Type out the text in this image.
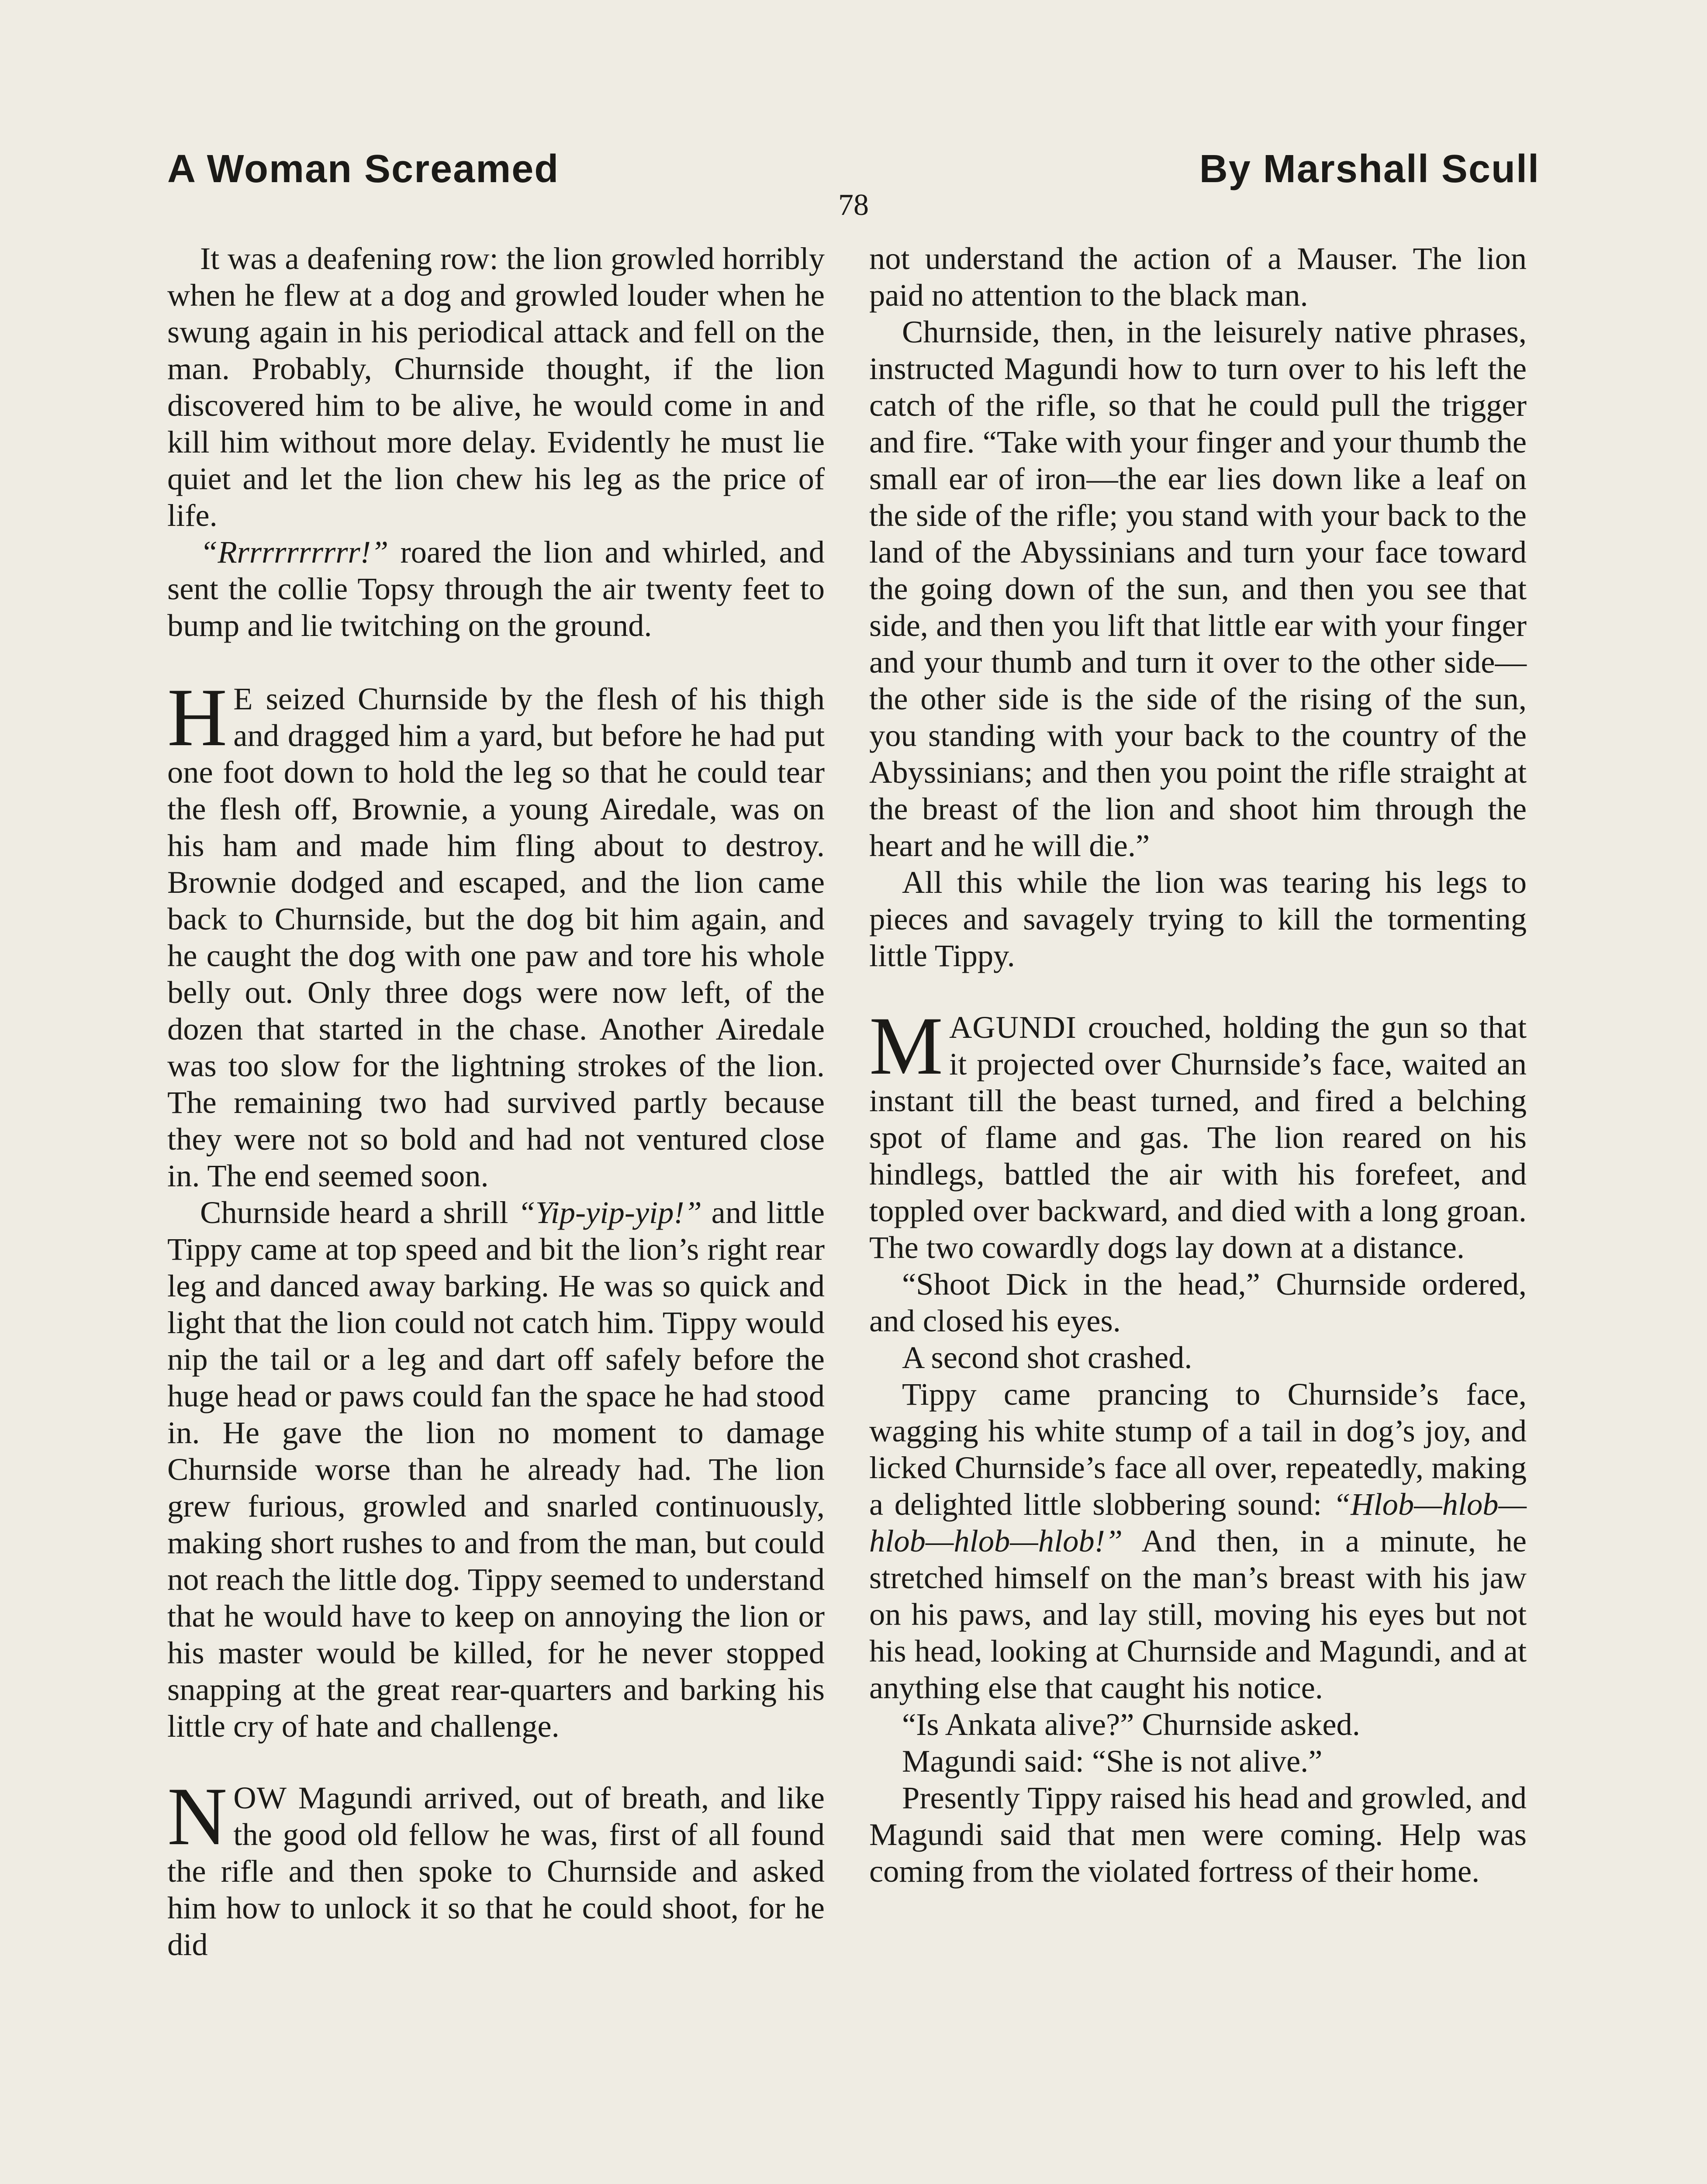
A Woman Screamed	By Marshall Scull
78

It was a deafening row: the lion growled horribly when he flew at a dog and growled louder when he swung again in his periodical attack and fell on the man. Probably, Churnside thought, if the lion discovered him to be alive, he would come in and kill him without more delay. Evidently he must lie quiet and let the lion chew his leg as the price of life.

“Rrrrrrrrrrr!” roared the lion and whirled, and sent the collie Topsy through the air twenty feet to bump and lie twitching on the ground.

H E seized Churnside by the flesh of his thigh and dragged him a yard, but before he had put one foot down to hold the leg so that he could tear the flesh off, Brownie, a young Airedale, was on his ham and made him fling about to destroy. Brownie dodged and escaped, and the lion came back to Churnside, but the dog bit him again, and he caught the dog with one paw and tore his whole belly out. Only three dogs were now left, of the dozen that started in the chase. Another Airedale was too slow for the lightning strokes of the lion. The remaining two had survived partly because they were not so bold and had not ventured close in. The end seemed soon.

Churnside heard a shrill “Yip-yip-yip!” and little Tippy came at top speed and bit the lion’s right rear leg and danced away barking. He was so quick and light that the lion could not catch him. Tippy would nip the tail or a leg and dart off safely before the huge head or paws could fan the space he had stood in. He gave the lion no moment to damage Churnside worse than he already had. The lion grew furious, growled and snarled continuously, making short rushes to and from the man, but could not reach the little dog. Tippy seemed to understand that he would have to keep on annoying the lion or his master would be killed, for he never stopped snapping at the great rear-quarters and barking his little cry of hate and challenge.

NOW Magundi arrived, out of breath, and like the good old fellow he was, first of all found the rifle and then spoke to Churnside and asked him how to unlock it so that he could shoot, for he did

not understand the action of a Mauser. The lion paid no attention to the black man.

Churnside, then, in the leisurely native phrases, instructed Magundi how to turn over to his left the catch of the rifle, so that he could pull the trigger and fire. “Take with your finger and your thumb the small ear of iron—the ear lies down like a leaf on the side of the rifle; you stand with your back to the land of the Abyssinians and turn your face toward the going down of the sun, and then you see that side, and then you lift that little ear with your finger and your thumb and turn it over to the other side—the other side is the side of the rising of the sun, you standing with your back to the country of the Abyssinians; and then you point the rifle straight at the breast of the lion and shoot him through the heart and he will die.”

All this while the lion was tearing his legs to pieces and savagely trying to kill the tormenting little Tippy.

MAGUNDI crouched, holding the gun so that it projected over Churnside’s face, waited an instant till the beast turned, and fired a belching spot of flame and gas. The lion reared on his hindlegs, battled the air with his forefeet, and toppled over backward, and died with a long groan. The two cowardly dogs lay down at a distance.

“Shoot Dick in the head,” Churnside ordered, and closed his eyes.

A second shot crashed.

Tippy came prancing to Churnside’s face, wagging his white stump of a tail in dog’s joy, and licked Churnside’s face all over, repeatedly, making a delighted little slobbering sound: “Hlob—hlob—hlob—hlob—hlob!” And then, in a minute, he stretched himself on the man’s breast with his jaw on his paws, and lay still, moving his eyes but not his head, looking at Churnside and Magundi, and at anything else that caught his notice.

“Is Ankata alive?” Churnside asked.

Magundi said: “She is not alive.”

Presently Tippy raised his head and growled, and Magundi said that men were coming. Help was coming from the violated fortress of their home.
